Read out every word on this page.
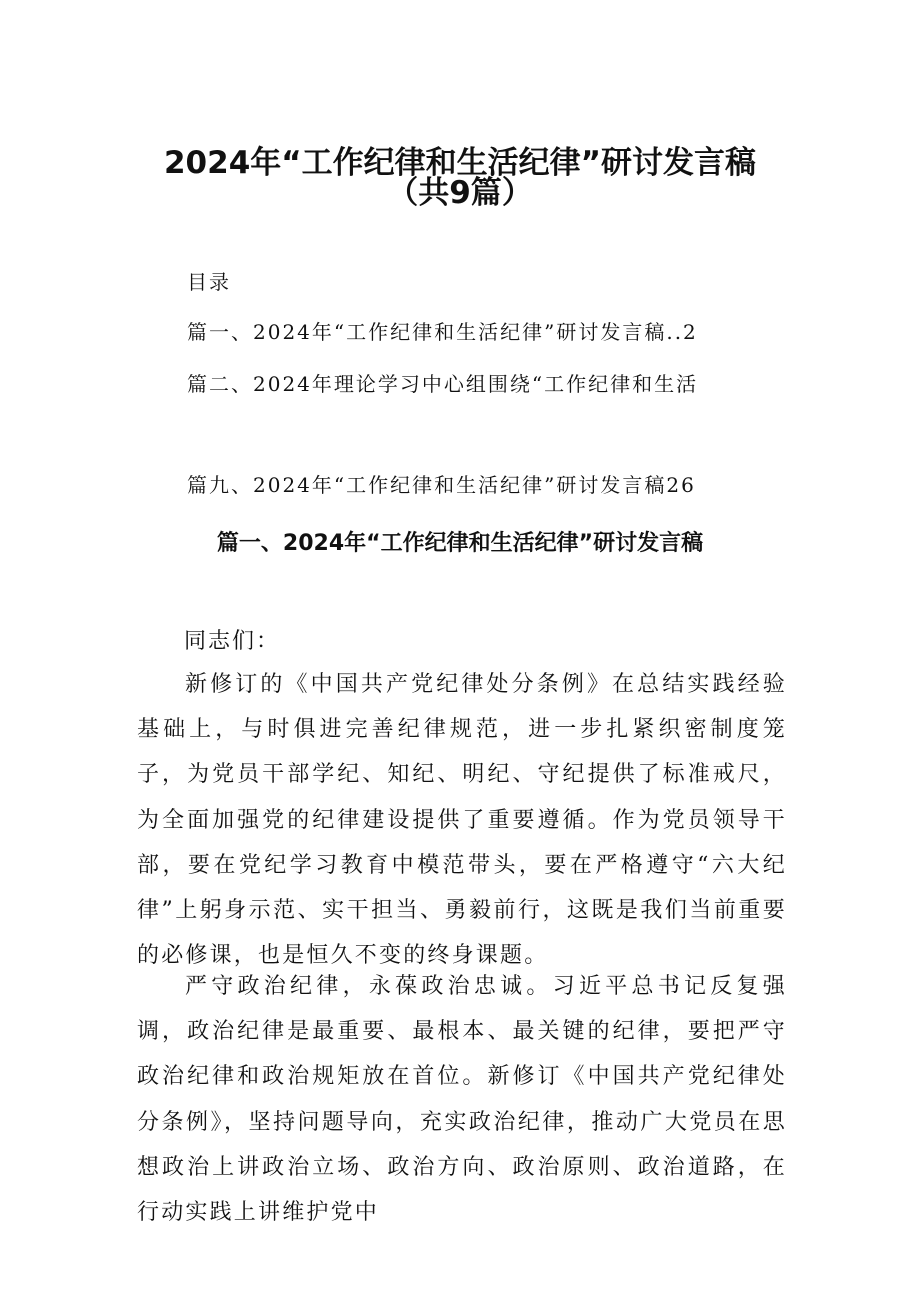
2024年“工作纪律和生活纪律”研讨发言稿
（共9篇）
目录
篇一、2024年“工作纪律和生活纪律”研讨发言稿..2
篇二、2024年理论学习中心组围绕“工作纪律和生活
篇九、2024年“工作纪律和生活纪律”研讨发言稿26
篇一、2024年“工作纪律和生活纪律”研讨发言稿
同志们：

新修订的《中国共产党纪律处分条例》在总结实践经验基础上，与时俱进完善纪律规范，进一步扎紧织密制度笼子，为党员干部学纪、知纪、明纪、守纪提供了标准戒尺，为全面加强党的纪律建设提供了重要遵循。作为党员领导干部，要在党纪学习教育中模范带头，要在严格遵守“六大纪律”上躬身示范、实干担当、勇毅前行，这既是我们当前重要的必修课，也是恒久不变的终身课题。

严守政治纪律，永葆政治忠诚。习近平总书记反复强调，政治纪律是最重要、最根本、最关键的纪律，要把严守政治纪律和政治规矩放在首位。新修订《中国共产党纪律处分条例》，坚持问题导向，充实政治纪律，推动广大党员在思想政治上讲政治立场、政治方向、政治原则、政治道路，在行动实践上讲维护党中
